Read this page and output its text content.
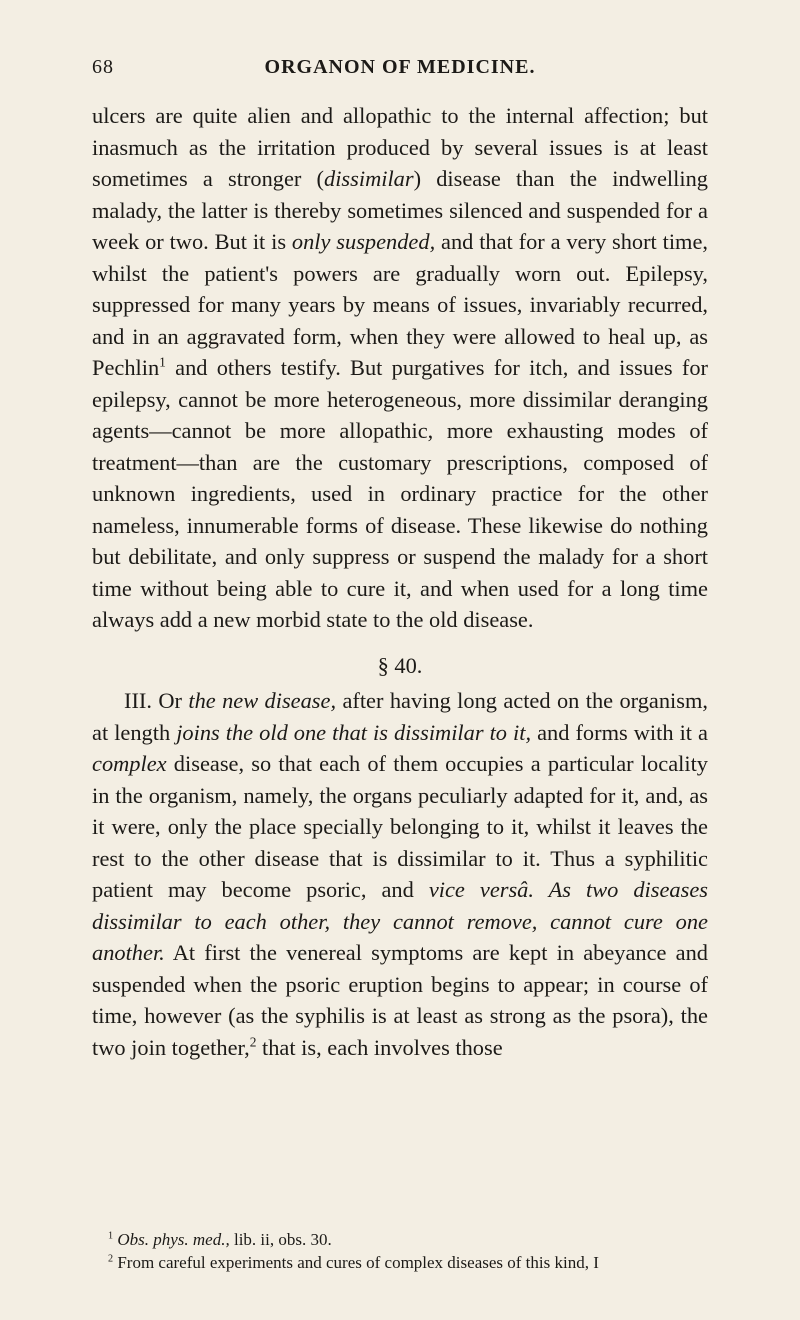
68	ORGANON OF MEDICINE.

ulcers are quite alien and allopathic to the internal affection; but inasmuch as the irritation produced by several issues is at least sometimes a stronger (dissimilar) disease than the indwelling malady, the latter is thereby sometimes silenced and suspended for a week or two. But it is only suspended, and that for a very short time, whilst the patient's powers are gradually worn out. Epilepsy, suppressed for many years by means of issues, invariably recurred, and in an aggravated form, when they were allowed to heal up, as Pechlin$^1$ and others testify. But purgatives for itch, and issues for epilepsy, cannot be more heterogeneous, more dissimilar deranging agents—cannot be more allopathic, more exhausting modes of treatment—than are the customary prescriptions, composed of unknown ingredients, used in ordinary practice for the other nameless, innumerable forms of disease. These likewise do nothing but debilitate, and only suppress or suspend the malady for a short time without being able to cure it, and when used for a long time always add a new morbid state to the old disease.

§ 40.

III. Or the new disease, after having long acted on the organism, at length joins the old one that is dissimilar to it, and forms with it a complex disease, so that each of them occupies a particular locality in the organism, namely, the organs peculiarly adapted for it, and, as it were, only the place specially belonging to it, whilst it leaves the rest to the other disease that is dissimilar to it. Thus a syphilitic patient may become psoric, and vice versâ. As two diseases dissimilar to each other, they cannot remove, cannot cure one another. At first the venereal symptoms are kept in abeyance and suspended when the psoric eruption begins to appear; in course of time, however (as the syphilis is at least as strong as the psora), the two join together,$^2$ that is, each involves those

$^1$ Obs. phys. med., lib. ii, obs. 30.

$^2$ From careful experiments and cures of complex diseases of this kind, I
